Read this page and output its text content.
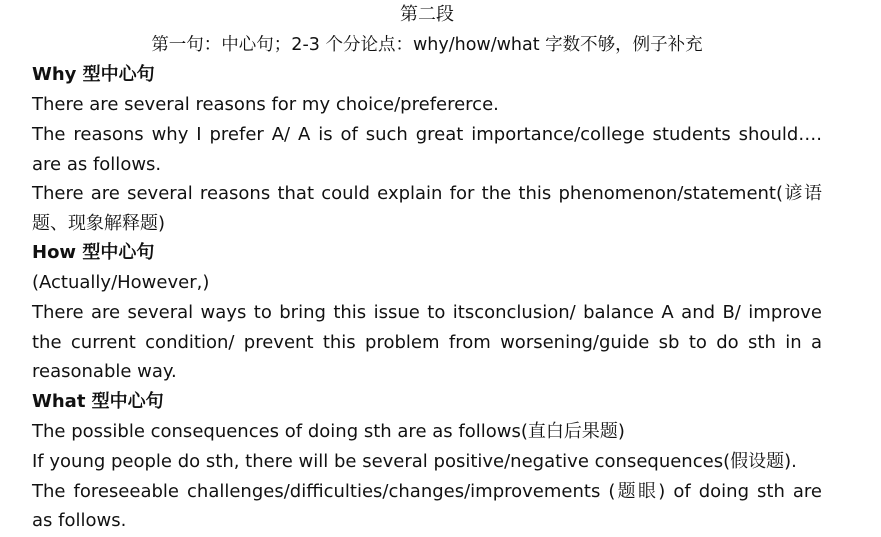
第二段

第一句：中心句；2-3 个分论点：why/how/what 字数不够，例子补充

Why 型中心句

There are several reasons for my choice/prefererce.

The reasons why I prefer A/ A is of such great importance/college students should…. are as follows.

There are several reasons that could explain for the this phenomenon/statement(谚语题、现象解释题)

How 型中心句

(Actually/However,)

There are several ways to bring this issue to itsconclusion/ balance A and B/ improve the current condition/ prevent this problem from worsening/guide sb to do sth in a reasonable way.

What 型中心句

The possible consequences of doing sth are as follows(直白后果题)

If young people do sth, there will be several positive/negative consequences(假设题).

The foreseeable challenges/difficulties/changes/improvements (题眼) of doing sth are as follows.
